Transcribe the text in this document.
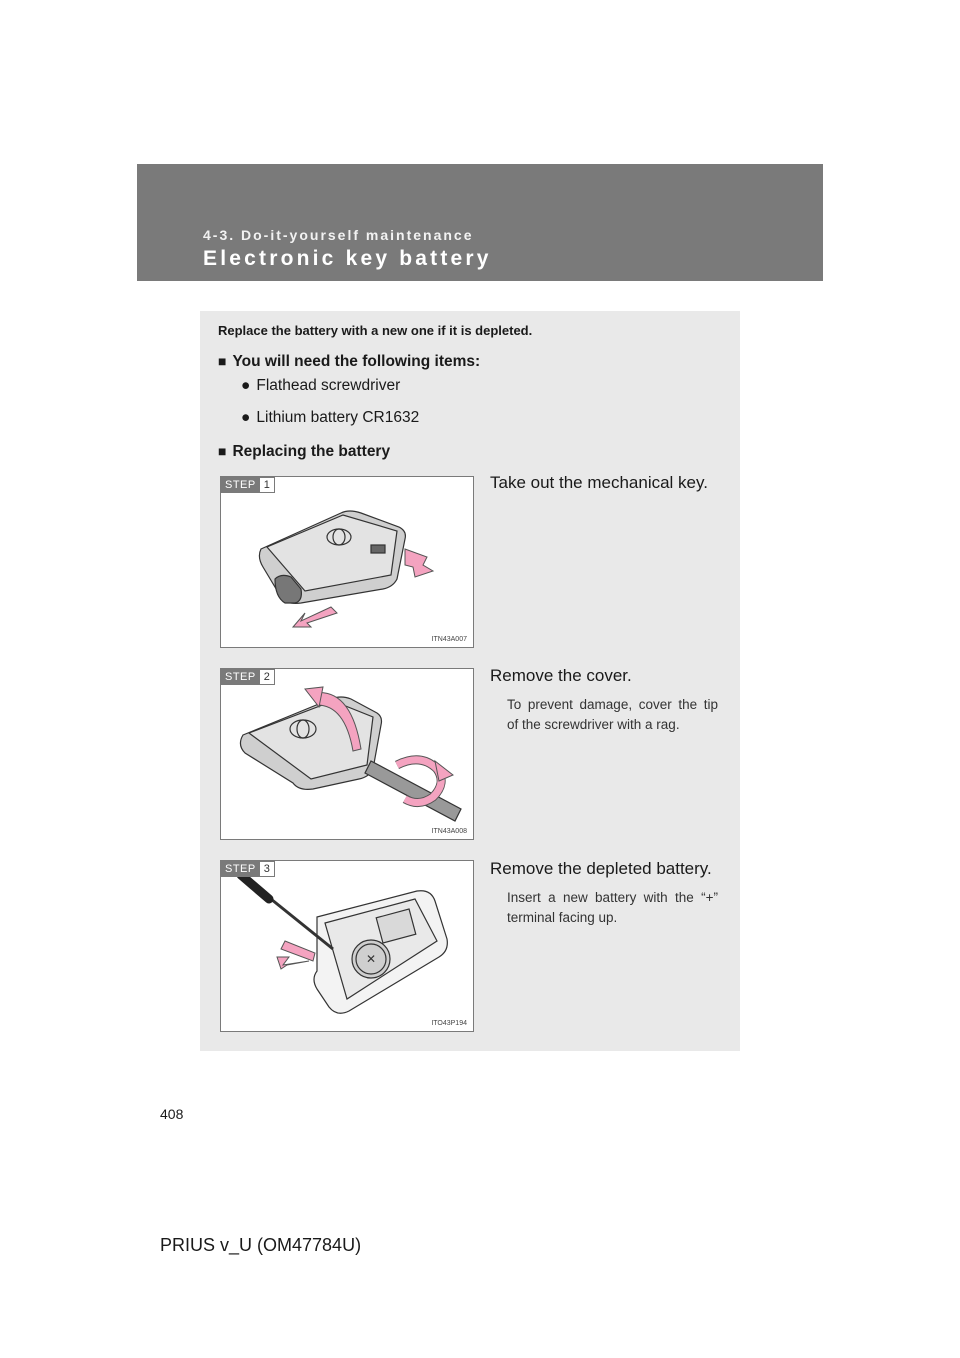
4-3. Do-it-yourself maintenance
Electronic key battery
Replace the battery with a new one if it is depleted.
■ You will need the following items:
● Flathead screwdriver
● Lithium battery CR1632
■ Replacing the battery
STEP 1
ITN43A007
Take out the mechanical key.
STEP 2
ITN43A008
Remove the cover.
To prevent damage, cover the tip of the screwdriver with a rag.
✕
STEP 3
ITO43P194
Remove the depleted battery.
Insert a new battery with the “+” terminal facing up.
408
PRIUS v_U (OM47784U)
